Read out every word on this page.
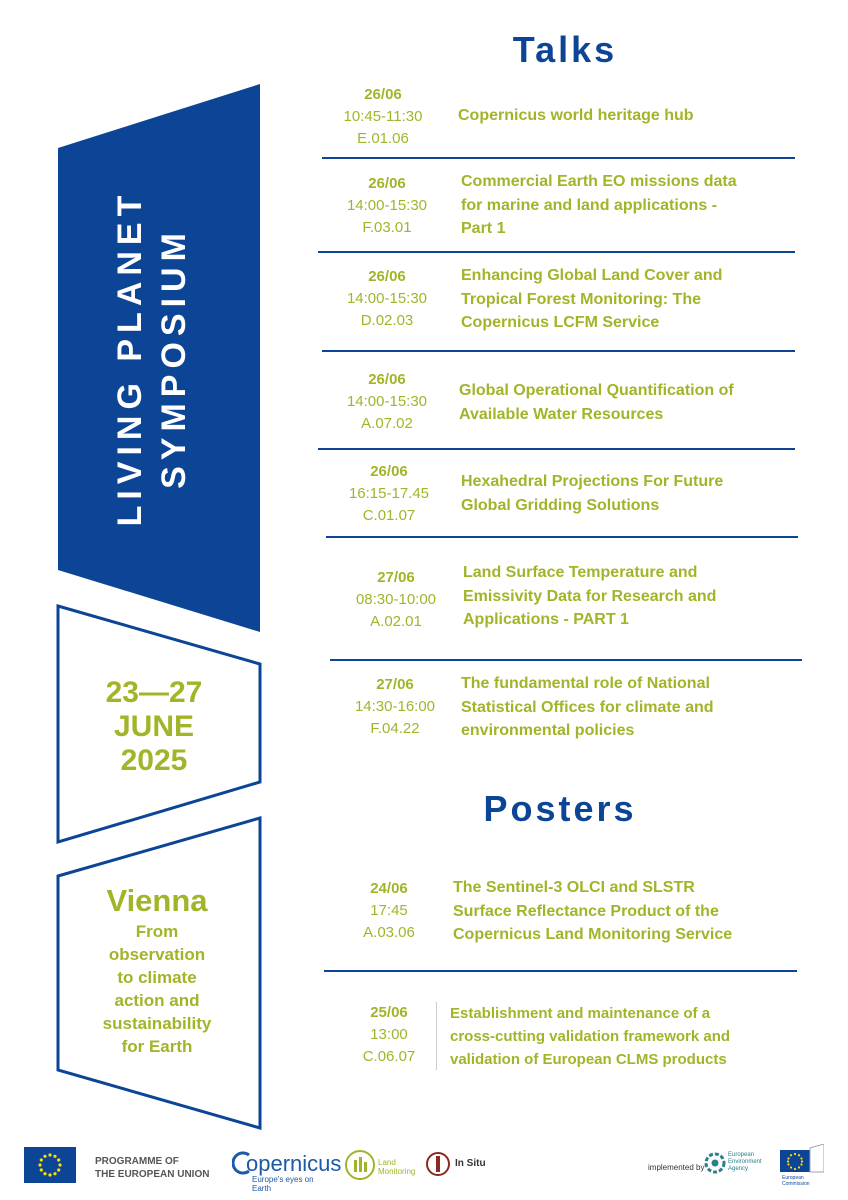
Talks
LIVING PLANET SYMPOSIUM
23—27
JUNE
2025
Vienna
From
observation
to climate
action and
sustainability
for Earth
26/06
10:45-11:30
E.01.06
Copernicus world heritage hub
26/06
14:00-15:30
F.03.01
Commercial Earth EO missions data
for marine and land applications -
Part 1
26/06
14:00-15:30
D.02.03
Enhancing Global Land Cover and
Tropical Forest Monitoring: The
Copernicus LCFM Service
26/06
14:00-15:30
A.07.02
Global Operational Quantification of
Available Water Resources
26/06
16:15-17.45
C.01.07
Hexahedral Projections For Future
Global Gridding Solutions
27/06
08:30-10:00
A.02.01
Land Surface Temperature and
Emissivity Data for Research and
Applications - PART 1
27/06
14:30-16:00
F.04.22
The fundamental role of National
Statistical Offices for climate and
environmental policies
Posters
24/06
17:45
A.03.06
The Sentinel-3 OLCI and SLSTR
Surface Reflectance Product of the
Copernicus Land Monitoring Service
25/06
13:00
C.06.07
Establishment and maintenance of a
cross-cutting validation framework and
validation of European CLMS products
PROGRAMME OF
THE EUROPEAN UNION opernicus
Europe's eyes on Earth
Land
Monitoring
In Situ	implemented by
European
Environment
Agency
European
Commission
